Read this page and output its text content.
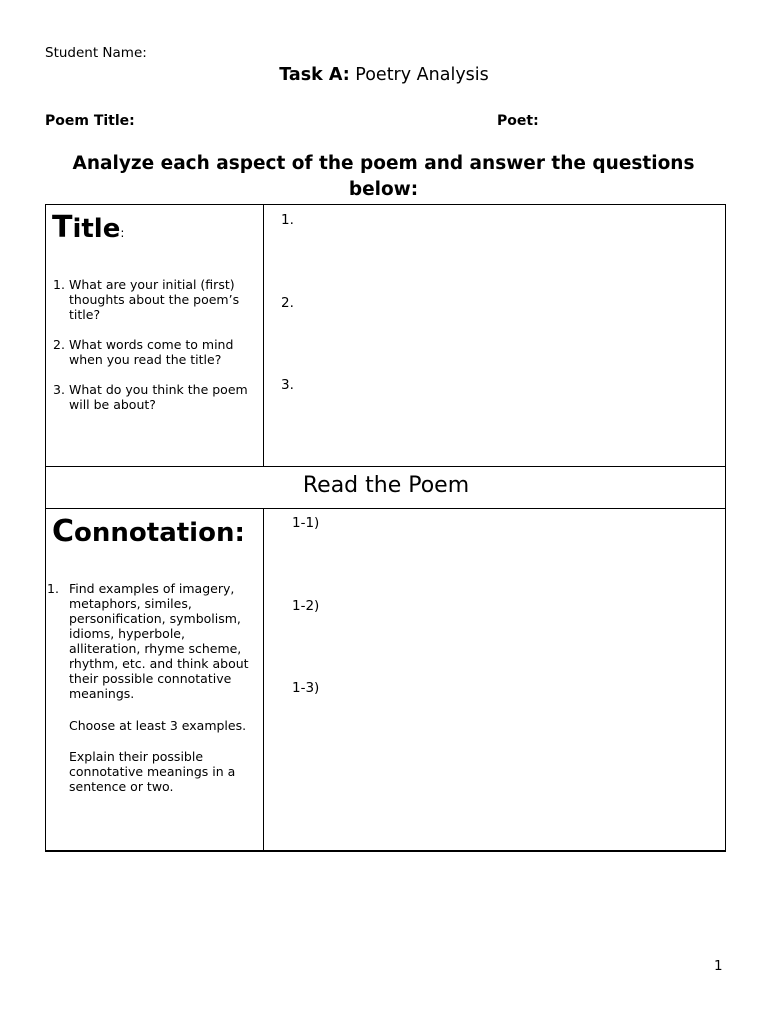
Student Name:
Task A: Poetry Analysis
Poem Title:	Poet:
Analyze each aspect of the poem and answer the questions below:
Title:
1. What are your initial (first) thoughts about the poem’s title?
2. What words come to mind when you read the title?
3. What do you think the poem will be about?
1.
2.
3.
Read the Poem
Connotation:
1. Find examples of imagery, metaphors, similes, personification, symbolism, idioms, hyperbole, alliteration, rhyme scheme, rhythm, etc. and think about their possible connotative meanings.
Choose at least 3 examples.
Explain their possible connotative meanings in a sentence or two.
1-1)
1-2)
1-3)
1
